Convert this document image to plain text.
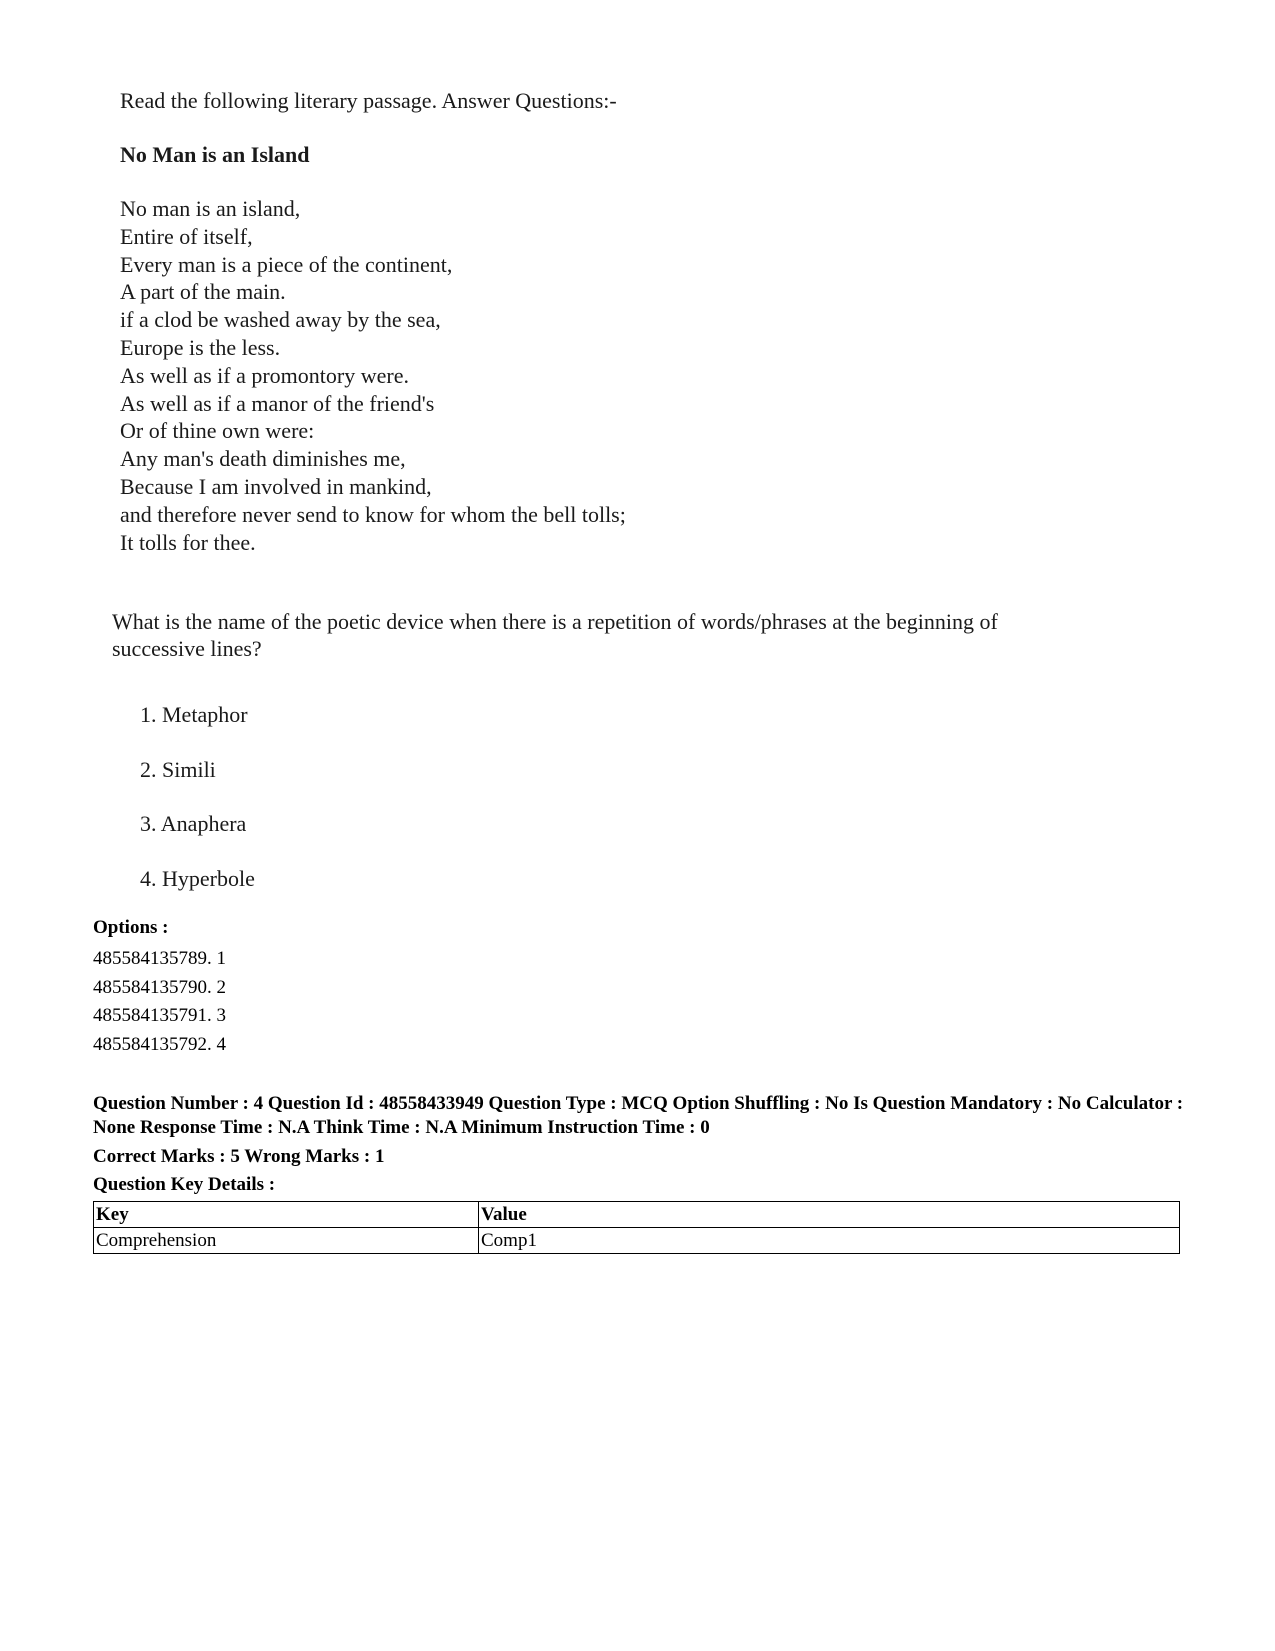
Read the following literary passage. Answer Questions:-
No Man is an Island
No man is an island,
Entire of itself,
Every man is a piece of the continent,
A part of the main.
if a clod be washed away by the sea,
Europe is the less.
As well as if a promontory were.
As well as if a manor of the friend's
Or of thine own were:
Any man's death diminishes me,
Because I am involved in mankind,
and therefore never send to know for whom the bell tolls;
It tolls for thee.
What is the name of the poetic device when there is a repetition of words/phrases at the beginning of successive lines?
1. Metaphor
2. Simili
3. Anaphera
4. Hyperbole
Options :
485584135789. 1
485584135790. 2
485584135791. 3
485584135792. 4
Question Number : 4 Question Id : 48558433949 Question Type : MCQ Option Shuffling : No Is Question Mandatory : No Calculator : None Response Time : N.A Think Time : N.A Minimum Instruction Time : 0
Correct Marks : 5 Wrong Marks : 1
Question Key Details :
Key	Value
Comprehension	Comp1
